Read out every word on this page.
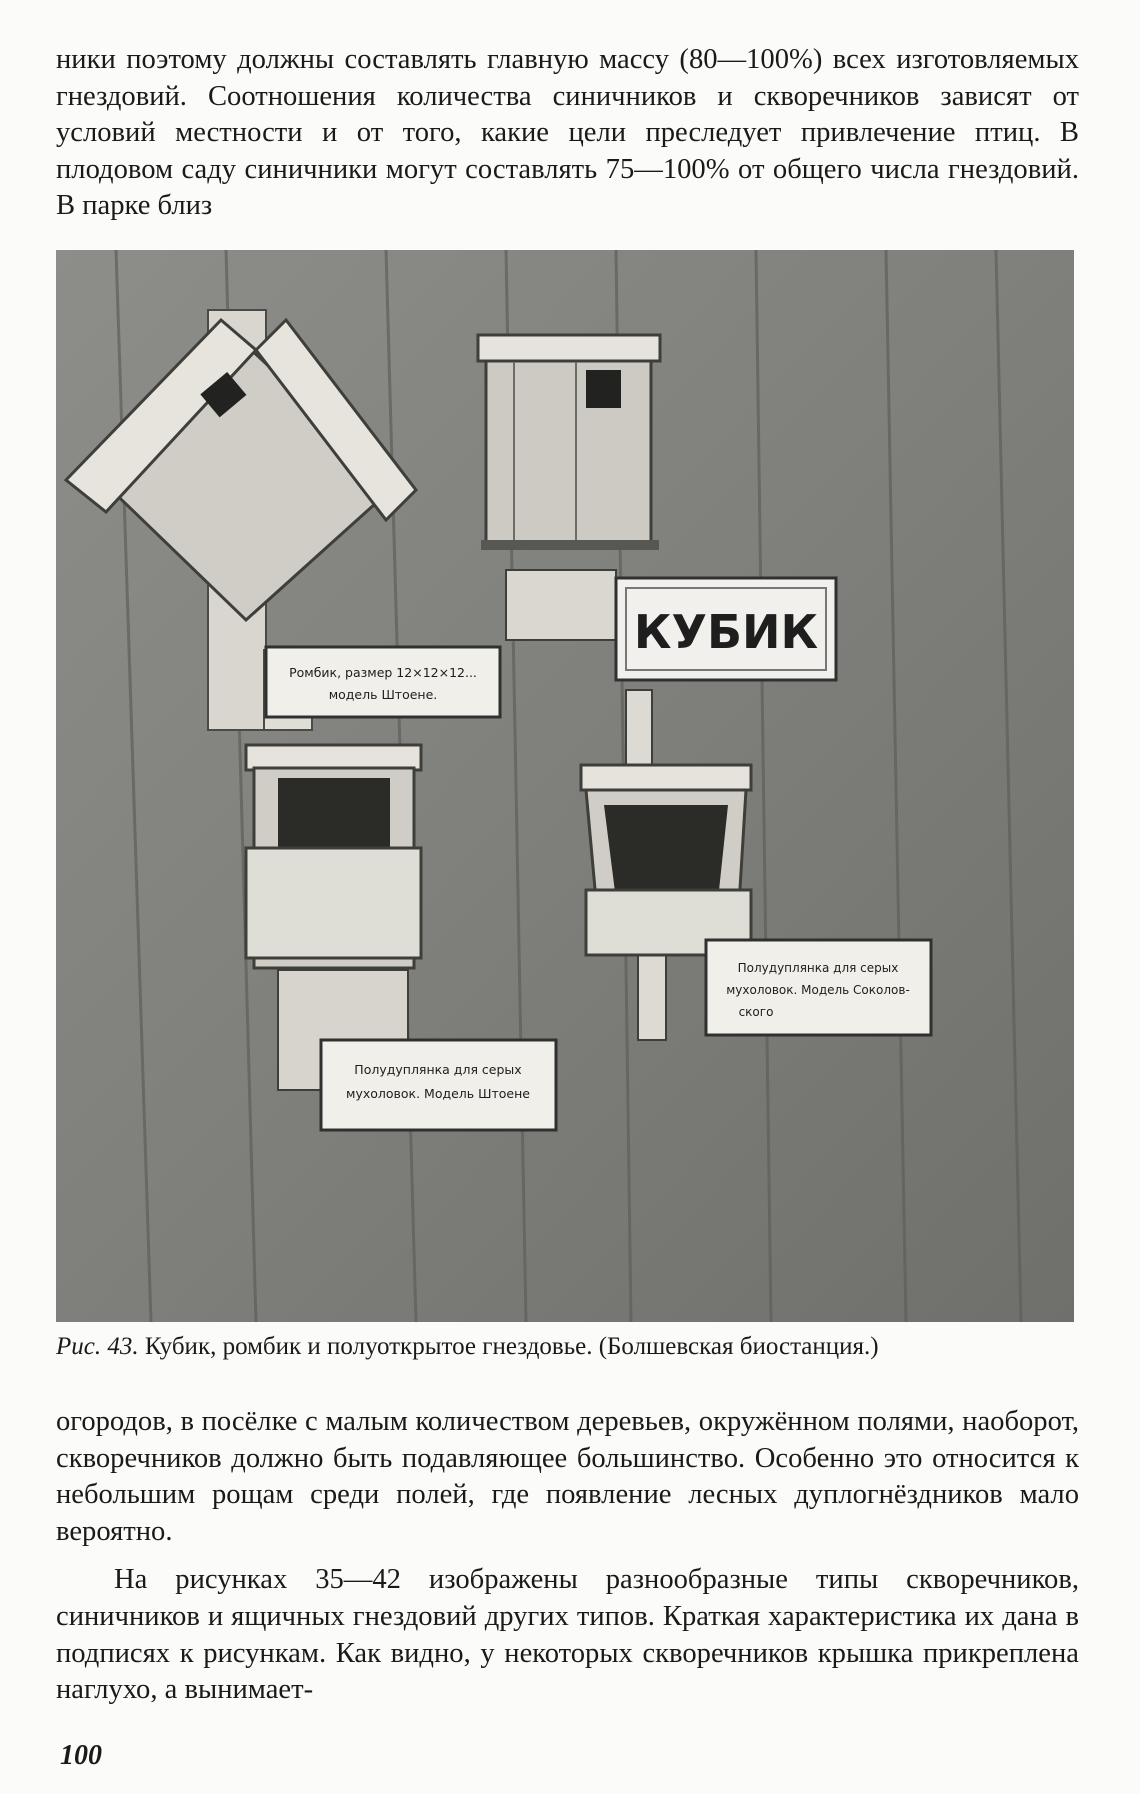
ники поэтому должны составлять главную массу (80—100%) всех изготовляемых гнездовий. Соотношения количества синичников и скворечников зависят от условий местности и от того, какие цели преследует привлечение птиц. В плодовом саду синичники могут составлять 75—100% от общего числа гнездовий. В парке близ

КУБИК
Ромбик, размер 12×12×12...
модель Штоене.
Полудуплянка для серых
мухоловок. Модель Штоене
Полудуплянка для серых
мухоловок. Модель Соколов-
ского
Рис. 43. Кубик, ромбик и полуоткрытое гнездовье. (Болшевская биостанция.)

огородов, в посёлке с малым количеством деревьев, окружённом полями, наоборот, скворечников должно быть подавляющее большинство. Особенно это относится к небольшим рощам среди полей, где появление лесных дуплогнёздников мало вероятно.

На рисунках 35—42 изображены разнообразные типы скворечников, синичников и ящичных гнездовий других типов. Краткая характеристика их дана в подписях к рисункам. Как видно, у некоторых скворечников крышка прикреплена наглухо, а вынимает-

100
